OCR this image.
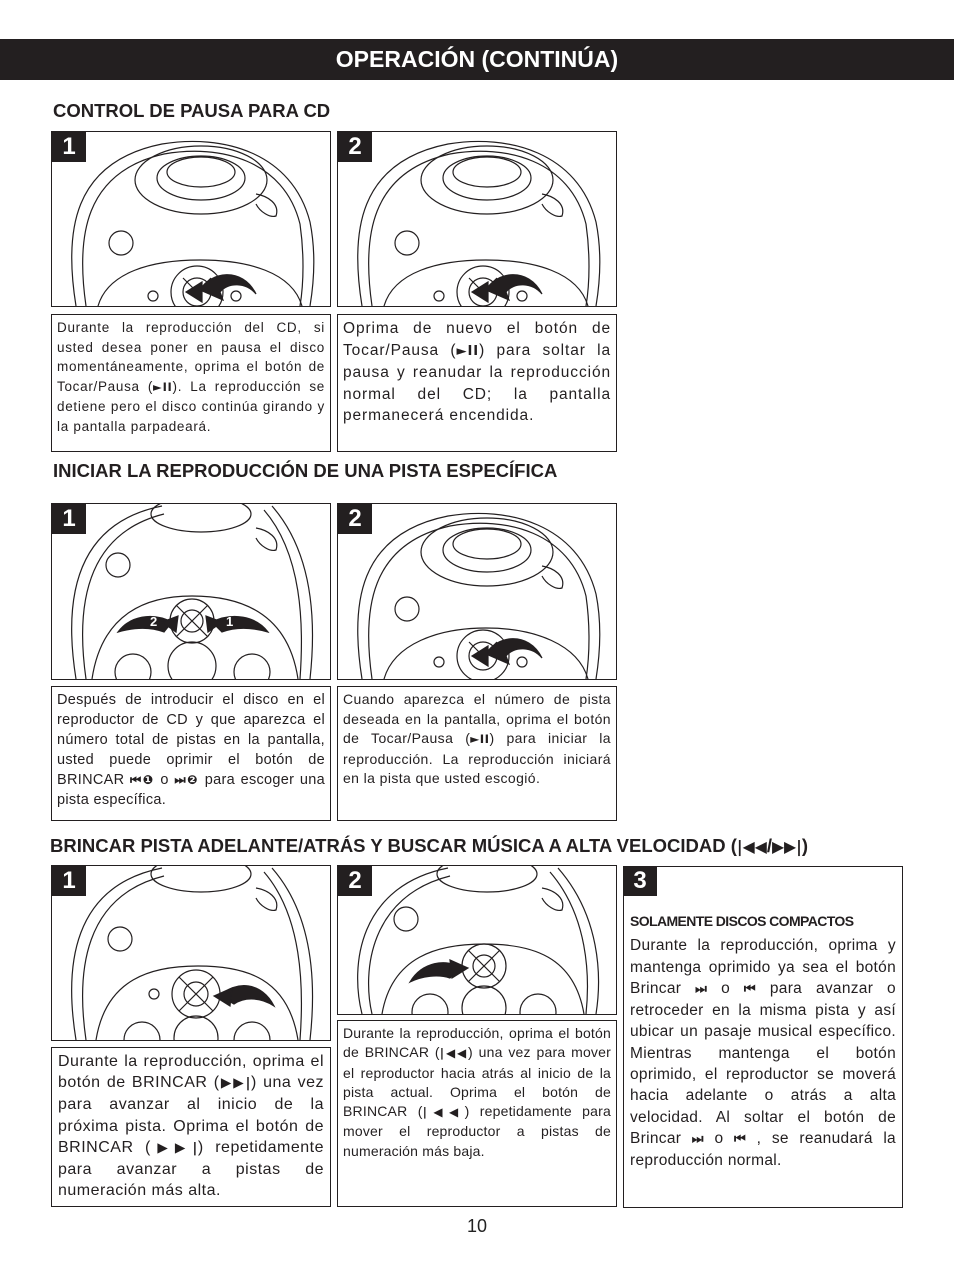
OPERACIÓN (CONTINÚA)
CONTROL DE PAUSA PARA CD
1	2
Durante la reproducción del CD, si usted desea poner en pausa el disco momentáneamente, oprima el botón de Tocar/Pausa (►II). La reproducción se detiene pero el disco continúa girando y la pantalla parpadeará.
Oprima de nuevo el botón de Tocar/Pausa (►II) para soltar la pausa y reanudar la reproducción normal del CD; la pantalla permanecerá encendida.
INICIAR LA REPRODUCCIÓN DE UNA PISTA ESPECÍFICA
1
2	1
2
Después de introducir el disco en el reproductor de CD y que aparezca el número total de pistas en la pantalla, usted puede oprimir el botón de BRINCAR ⏮❶ o ⏭❷ para escoger una pista específica.
Cuando aparezca el número de pista deseada en la pantalla, oprima el botón de Tocar/Pausa (►II) para iniciar la reproducción. La reproducción iniciará en la pista que usted escogió.
BRINCAR PISTA ADELANTE/ATRÁS Y BUSCAR MÚSICA A ALTA VELOCIDAD (|◀◀/▶▶|)
1	2	3
Durante la reproducción, oprima el botón de BRINCAR (▶▶|) una vez para avanzar al inicio de la próxima pista. Oprima el botón de BRINCAR (▶▶|) repetidamente para avanzar a pistas de numeración más alta.
Durante la reproducción, oprima el botón de BRINCAR (|◀◀) una vez para mover el reproductor hacia atrás al inicio de la pista actual. Oprima el botón de BRINCAR (|◀◀) repetidamente para mover el reproductor a pistas de numeración más baja.
SOLAMENTE DISCOS COMPACTOS
Durante la reproducción, oprima y mantenga oprimido ya sea el botón Brincar ⏭ o ⏮ para avanzar o retroceder en la misma pista y así ubicar un pasaje musical específico. Mientras mantenga el botón oprimido, el reproductor se moverá hacia adelante o atrás a alta velocidad. Al soltar el botón de Brincar ⏭ o ⏮ , se reanudará la reproducción normal.
10
